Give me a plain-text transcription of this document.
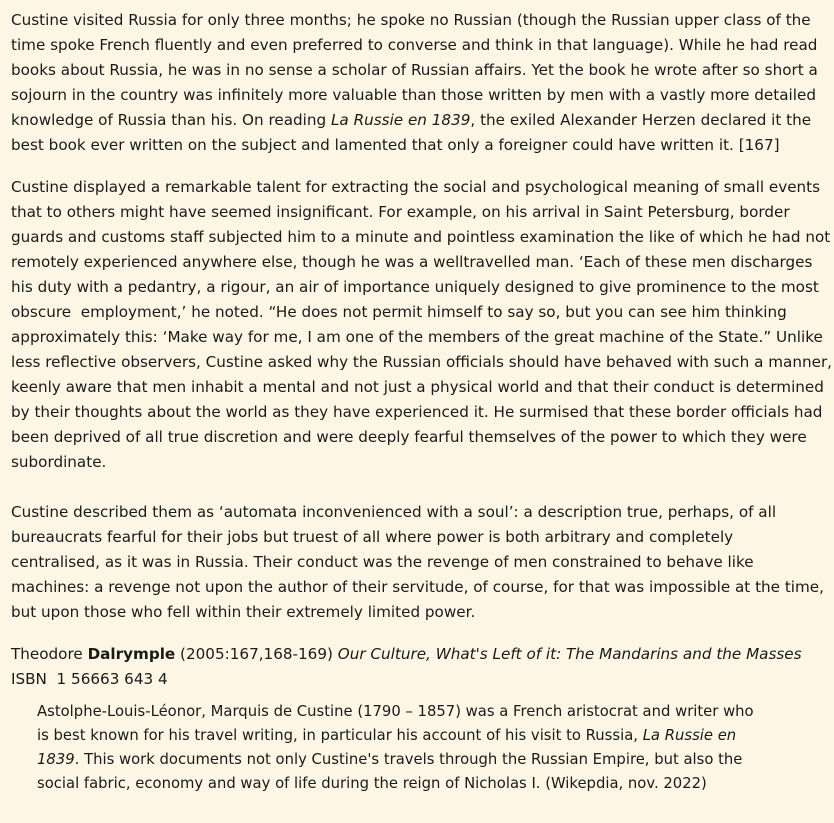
Custine visited Russia for only three months; he spoke no Russian (though the Russian upper class of the
time spoke French fluently and even preferred to converse and think in that language). While he had read
books about Russia, he was in no sense a scholar of Russian affairs. Yet the book he wrote after so short a
sojourn in the country was infinitely more valuable than those written by men with a vastly more detailed
knowledge of Russia than his. On reading La Russie en 1839, the exiled Alexander Herzen declared it the
best book ever written on the subject and lamented that only a foreigner could have written it. [167]

Custine displayed a remarkable talent for extracting the social and psychological meaning of small events
that to others might have seemed insignificant. For example, on his arrival in Saint Petersburg, border
guards and customs staff subjected him to a minute and pointless examination the like of which he had not
remotely experienced anywhere else, though he was a welltravelled man. ‘Each of these men discharges
his duty with a pedantry, a rigour, an air of importance uniquely designed to give prominence to the most
obscure  employment,’ he noted. “He does not permit himself to say so, but you can see him thinking
approximately this: ‘Make way for me, I am one of the members of the great machine of the State.” Unlike
less reflective observers, Custine asked why the Russian officials should have behaved with such a manner,
keenly aware that men inhabit a mental and not just a physical world and that their conduct is determined
by their thoughts about the world as they have experienced it. He surmised that these border officials had
been deprived of all true discretion and were deeply fearful themselves of the power to which they were
subordinate.

Custine described them as ‘automata inconvenienced with a soul’: a description true, perhaps, of all
bureaucrats fearful for their jobs but truest of all where power is both arbitrary and completely
centralised, as it was in Russia. Their conduct was the revenge of men constrained to behave like
machines: a revenge not upon the author of their servitude, of course, for that was impossible at the time,
but upon those who fell within their extremely limited power.

Theodore Dalrymple (2005:167,168-169) Our Culture, What's Left of it: The Mandarins and the Masses
ISBN  1 56663 643 4

Astolphe-Louis-Léonor, Marquis de Custine (1790 – 1857) was a French aristocrat and writer who
is best known for his travel writing, in particular his account of his visit to Russia, La Russie en
1839. This work documents not only Custine's travels through the Russian Empire, but also the
social fabric, economy and way of life during the reign of Nicholas I. (Wikepdia, nov. 2022)
